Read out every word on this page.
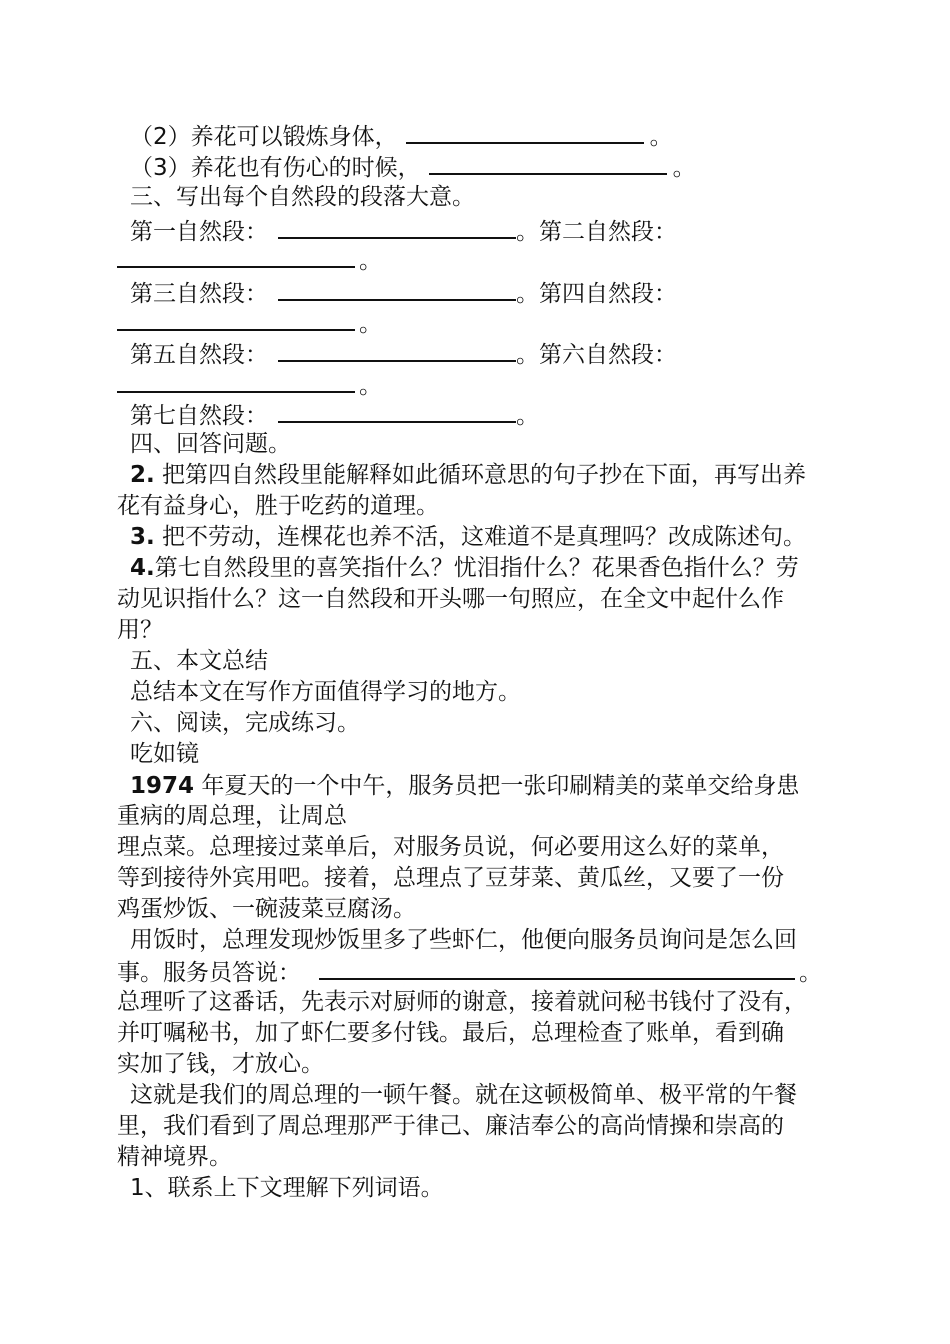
（2）养花可以锻炼身体，	。
（3）养花也有伤心的时候，	。
三、写出每个自然段的段落大意。
第一自然段：	。第二自然段：
。
第三自然段：	。第四自然段：
。
第五自然段：	。第六自然段：
。
第七自然段：	。
四、回答问题。
2. 把第四自然段里能解释如此循环意思的句子抄在下面，再写出养
花有益身心，胜于吃药的道理。
3. 把不劳动，连棵花也养不活，这难道不是真理吗？改成陈述句。
4.第七自然段里的喜笑指什么？忧泪指什么？花果香色指什么？劳
动见识指什么？这一自然段和开头哪一句照应，在全文中起什么作
用？
五、本文总结
总结本文在写作方面值得学习的地方。
六、阅读，完成练习。
吃如镜
1974 年夏天的一个中午，服务员把一张印刷精美的菜单交给身患
重病的周总理，让周总
理点菜。总理接过菜单后，对服务员说，何必要用这么好的菜单，
等到接待外宾用吧。接着，总理点了豆芽菜、黄瓜丝，又要了一份
鸡蛋炒饭、一碗菠菜豆腐汤。
用饭时，总理发现炒饭里多了些虾仁，他便向服务员询问是怎么回
事。服务员答说：	。
总理听了这番话，先表示对厨师的谢意，接着就问秘书钱付了没有，
并叮嘱秘书，加了虾仁要多付钱。最后，总理检查了账单，看到确
实加了钱，才放心。
这就是我们的周总理的一顿午餐。就在这顿极简单、极平常的午餐
里，我们看到了周总理那严于律己、廉洁奉公的高尚情操和崇高的
精神境界。
1、联系上下文理解下列词语。
